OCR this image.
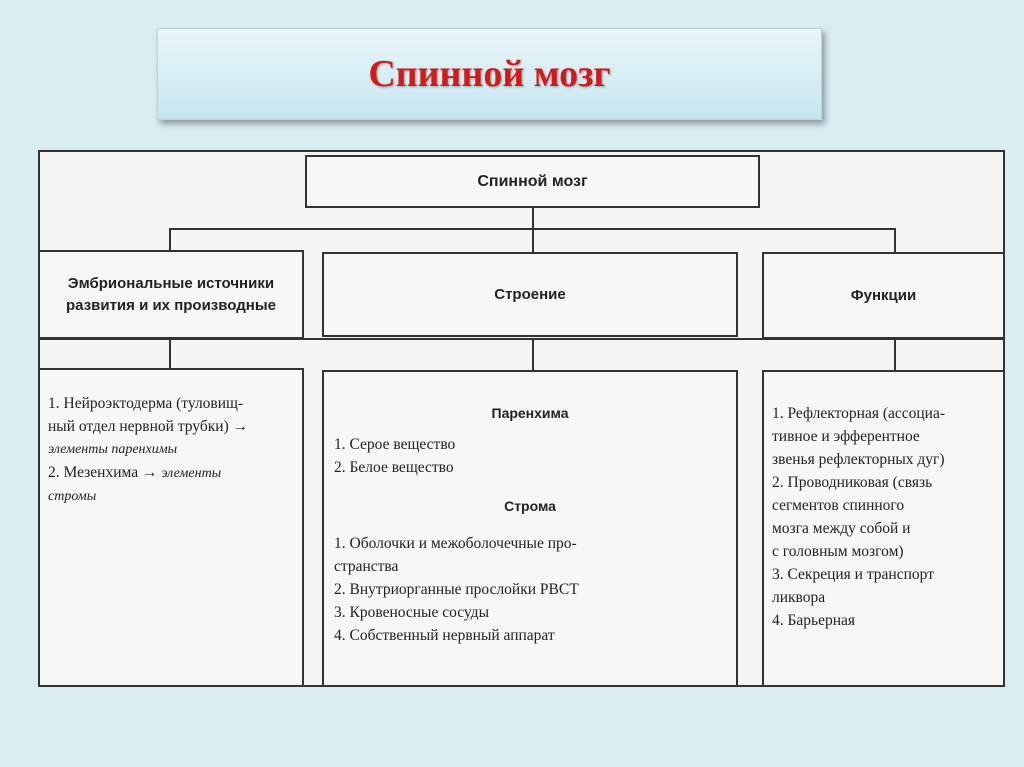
Спинной мозг
Спинной мозг
Эмбриональные источники развития и их производные
Строение	Функции
1. Нейроэктодерма (туловищ-
ный отдел нервной трубки) →
элементы паренхимы
2. Мезенхима → элементы
стромы
Паренхима
1. Серое вещество
2. Белое вещество
Строма
1. Оболочки и межоболочечные про-
странства
2. Внутриорганные прослойки РВСТ
3. Кровеносные сосуды
4. Собственный нервный аппарат
1. Рефлекторная (ассоциа-
тивное и эфферентное
звенья рефлекторных дуг)
2. Проводниковая (связь
сегментов спинного
мозга между собой и
с головным мозгом)
3. Секреция и транспорт
ликвора
4. Барьерная
